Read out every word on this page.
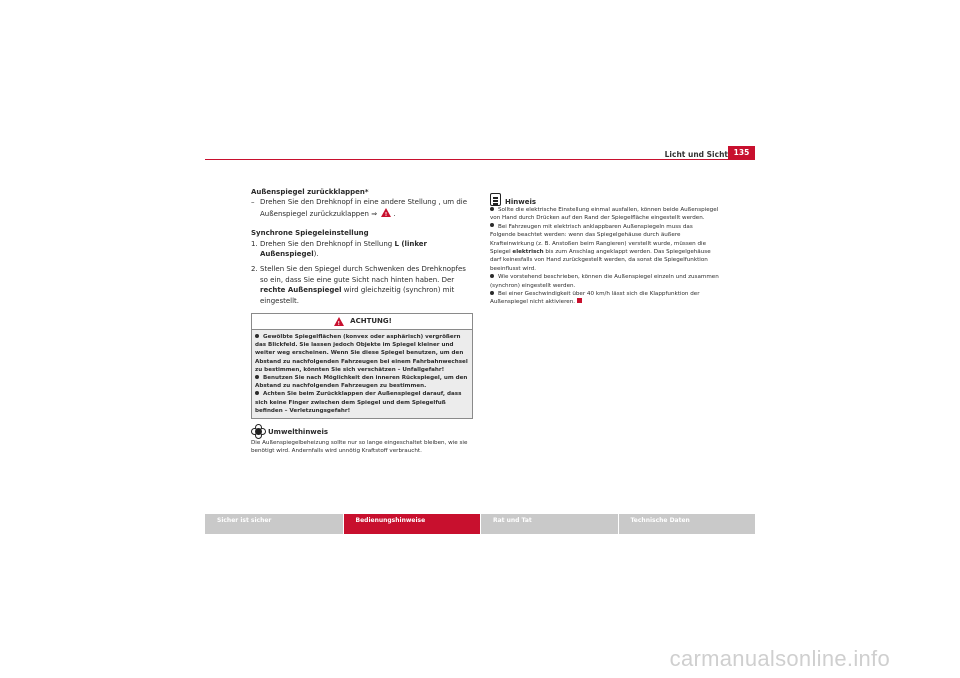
Licht und Sicht 135

Außenspiegel zurückklappen*

– Drehen Sie den Drehknopf in eine andere Stellung , um die Außenspiegel zurückzuklappen ⇒ ! .

Synchrone Spiegeleinstellung

1. Drehen Sie den Drehknopf in Stellung L (linker Außenspiegel).

2. Stellen Sie den Spiegel durch Schwenken des Drehknopfes so ein, dass Sie eine gute Sicht nach hinten haben. Der rechte Außenspiegel wird gleichzeitig (synchron) mit eingestellt.

!
ACHTUNG!

Gewölbte Spiegelflächen (konvex oder asphärisch) vergrößern das Blickfeld. Sie lassen jedoch Objekte im Spiegel kleiner und weiter weg erscheinen. Wenn Sie diese Spiegel benutzen, um den Abstand zu nachfolgenden Fahrzeugen bei einem Fahrbahnwechsel zu bestimmen, könnten Sie sich verschätzen – Unfallgefahr!

Benutzen Sie nach Möglichkeit den inneren Rückspiegel, um den Abstand zu nachfolgenden Fahrzeugen zu bestimmen.

Achten Sie beim Zurückklappen der Außenspiegel darauf, dass sich keine Finger zwischen dem Spiegel und dem Spiegelfuß befinden – Verletzungsgefahr!

Umwelthinweis
Die Außenspiegelbeheizung sollte nur so lange eingeschaltet bleiben, wie sie benötigt wird. Andernfalls wird unnötig Kraftstoff verbraucht.
Hinweis

Sollte die elektrische Einstellung einmal ausfallen, können beide Außenspiegel von Hand durch Drücken auf den Rand der Spiegelfläche eingestellt werden.

Bei Fahrzeugen mit elektrisch anklappbaren Außenspiegeln muss das Folgende beachtet werden: wenn das Spiegelgehäuse durch äußere Krafteinwirkung (z. B. Anstoßen beim Rangieren) verstellt wurde, müssen die Spiegel elektrisch bis zum Anschlag angeklappt werden. Das Spiegelgehäuse darf keinesfalls von Hand zurückgestellt werden, da sonst die Spiegelfunktion beeinflusst wird.

Wie vorstehend beschrieben, können die Außenspiegel einzeln und zusammen (synchron) eingestellt werden.

Bei einer Geschwindigkeit über 40 km/h lässt sich die Klappfunktion der Außenspiegel nicht aktivieren.

Sicher ist sicher	Bedienungshinweise	Rat und Tat	Technische Daten
carmanualsonline.info
